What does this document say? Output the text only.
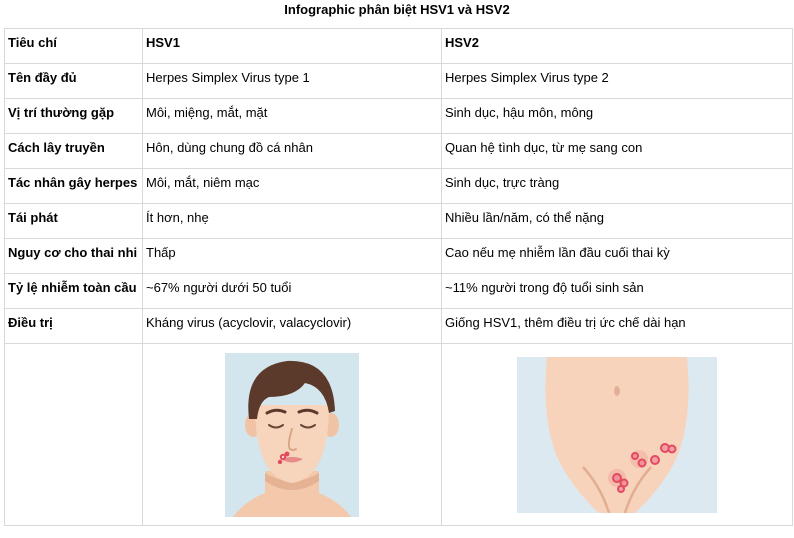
Infographic phân biệt HSV1 và HSV2
Tiêu chí	HSV1	HSV2
Tên đầy đủ	Herpes Simplex Virus type 1	Herpes Simplex Virus type 2
Vị trí thường gặp	Môi, miệng, mắt, mặt	Sinh dục, hậu môn, mông
Cách lây truyền	Hôn, dùng chung đồ cá nhân	Quan hệ tình dục, từ mẹ sang con
Tác nhân gây herpes	Môi, mắt, niêm mạc	Sinh dục, trực tràng
Tái phát	Ít hơn, nhẹ	Nhiều lần/năm, có thể nặng
Nguy cơ cho thai nhi	Thấp	Cao nếu mẹ nhiễm lần đầu cuối thai kỳ
Tỷ lệ nhiễm toàn cầu	~67% người dưới 50 tuổi	~11% người trong độ tuổi sinh sản
Điều trị	Kháng virus (acyclovir, valacyclovir)	Giống HSV1, thêm điều trị ức chế dài hạn
